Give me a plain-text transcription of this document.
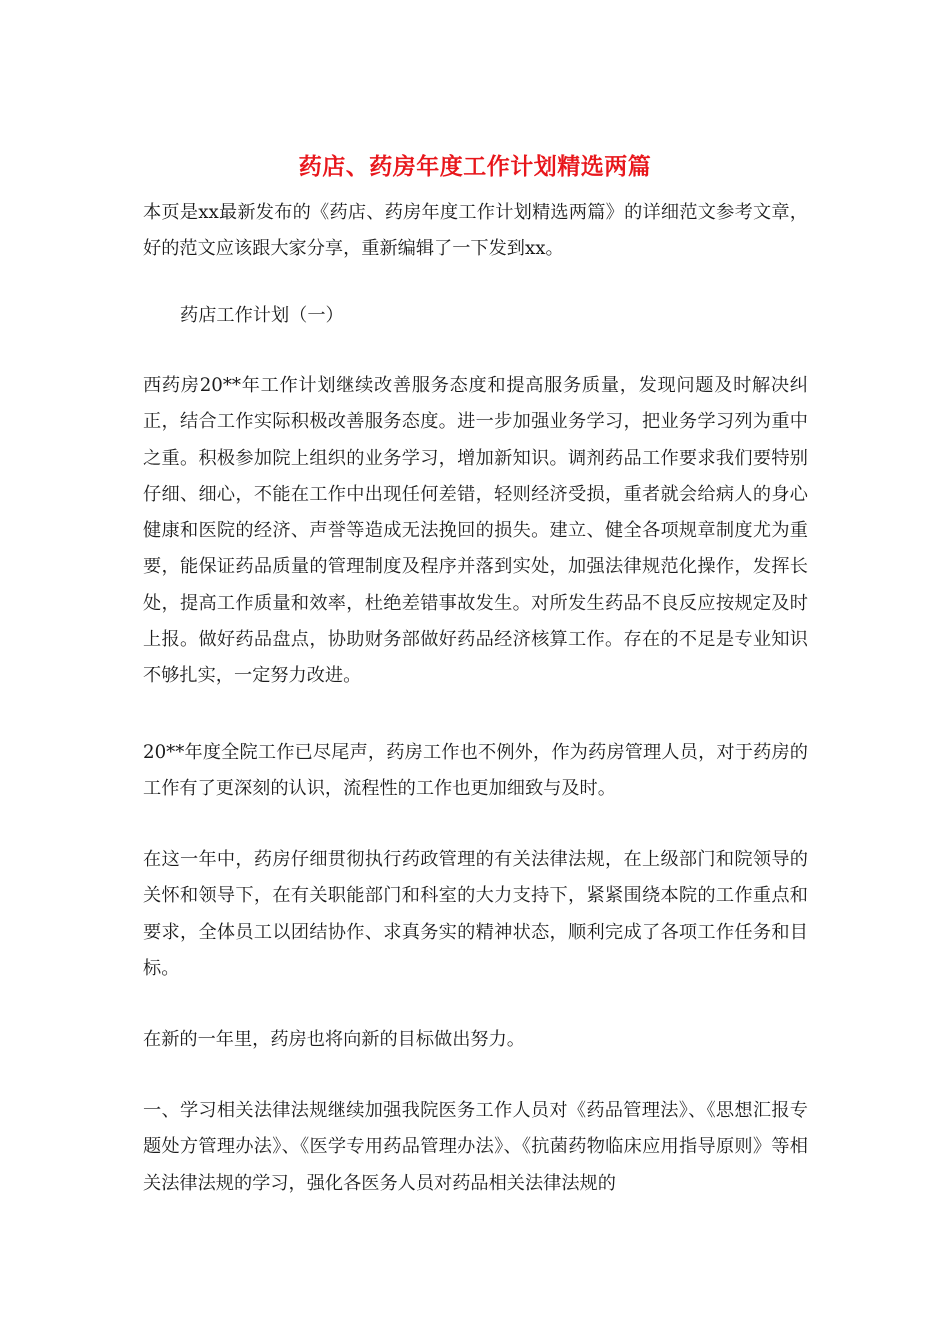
药店、药房年度工作计划精选两篇

本页是xx最新发布的《药店、药房年度工作计划精选两篇》的详细范文参考文章，好的范文应该跟大家分享，重新编辑了一下发到xx。

药店工作计划（一）

西药房20**年工作计划继续改善服务态度和提高服务质量，发现问题及时解决纠正，结合工作实际积极改善服务态度。进一步加强业务学习，把业务学习列为重中之重。积极参加院上组织的业务学习，增加新知识。调剂药品工作要求我们要特别仔细、细心，不能在工作中出现任何差错，轻则经济受损，重者就会给病人的身心健康和医院的经济、声誉等造成无法挽回的损失。建立、健全各项规章制度尤为重要，能保证药品质量的管理制度及程序并落到实处，加强法律规范化操作，发挥长处，提高工作质量和效率，杜绝差错事故发生。对所发生药品不良反应按规定及时上报。做好药品盘点，协助财务部做好药品经济核算工作。存在的不足是专业知识不够扎实，一定努力改进。

20**年度全院工作已尽尾声，药房工作也不例外，作为药房管理人员，对于药房的工作有了更深刻的认识，流程性的工作也更加细致与及时。

在这一年中，药房仔细贯彻执行药政管理的有关法律法规，在上级部门和院领导的关怀和领导下，在有关职能部门和科室的大力支持下，紧紧围绕本院的工作重点和要求，全体员工以团结协作、求真务实的精神状态，顺利完成了各项工作任务和目标。

在新的一年里，药房也将向新的目标做出努力。

一、学习相关法律法规继续加强我院医务工作人员对《药品管理法》、《思想汇报专题处方管理办法》、《医学专用药品管理办法》、《抗菌药物临床应用指导原则》等相关法律法规的学习，强化各医务人员对药品相关法律法规的
